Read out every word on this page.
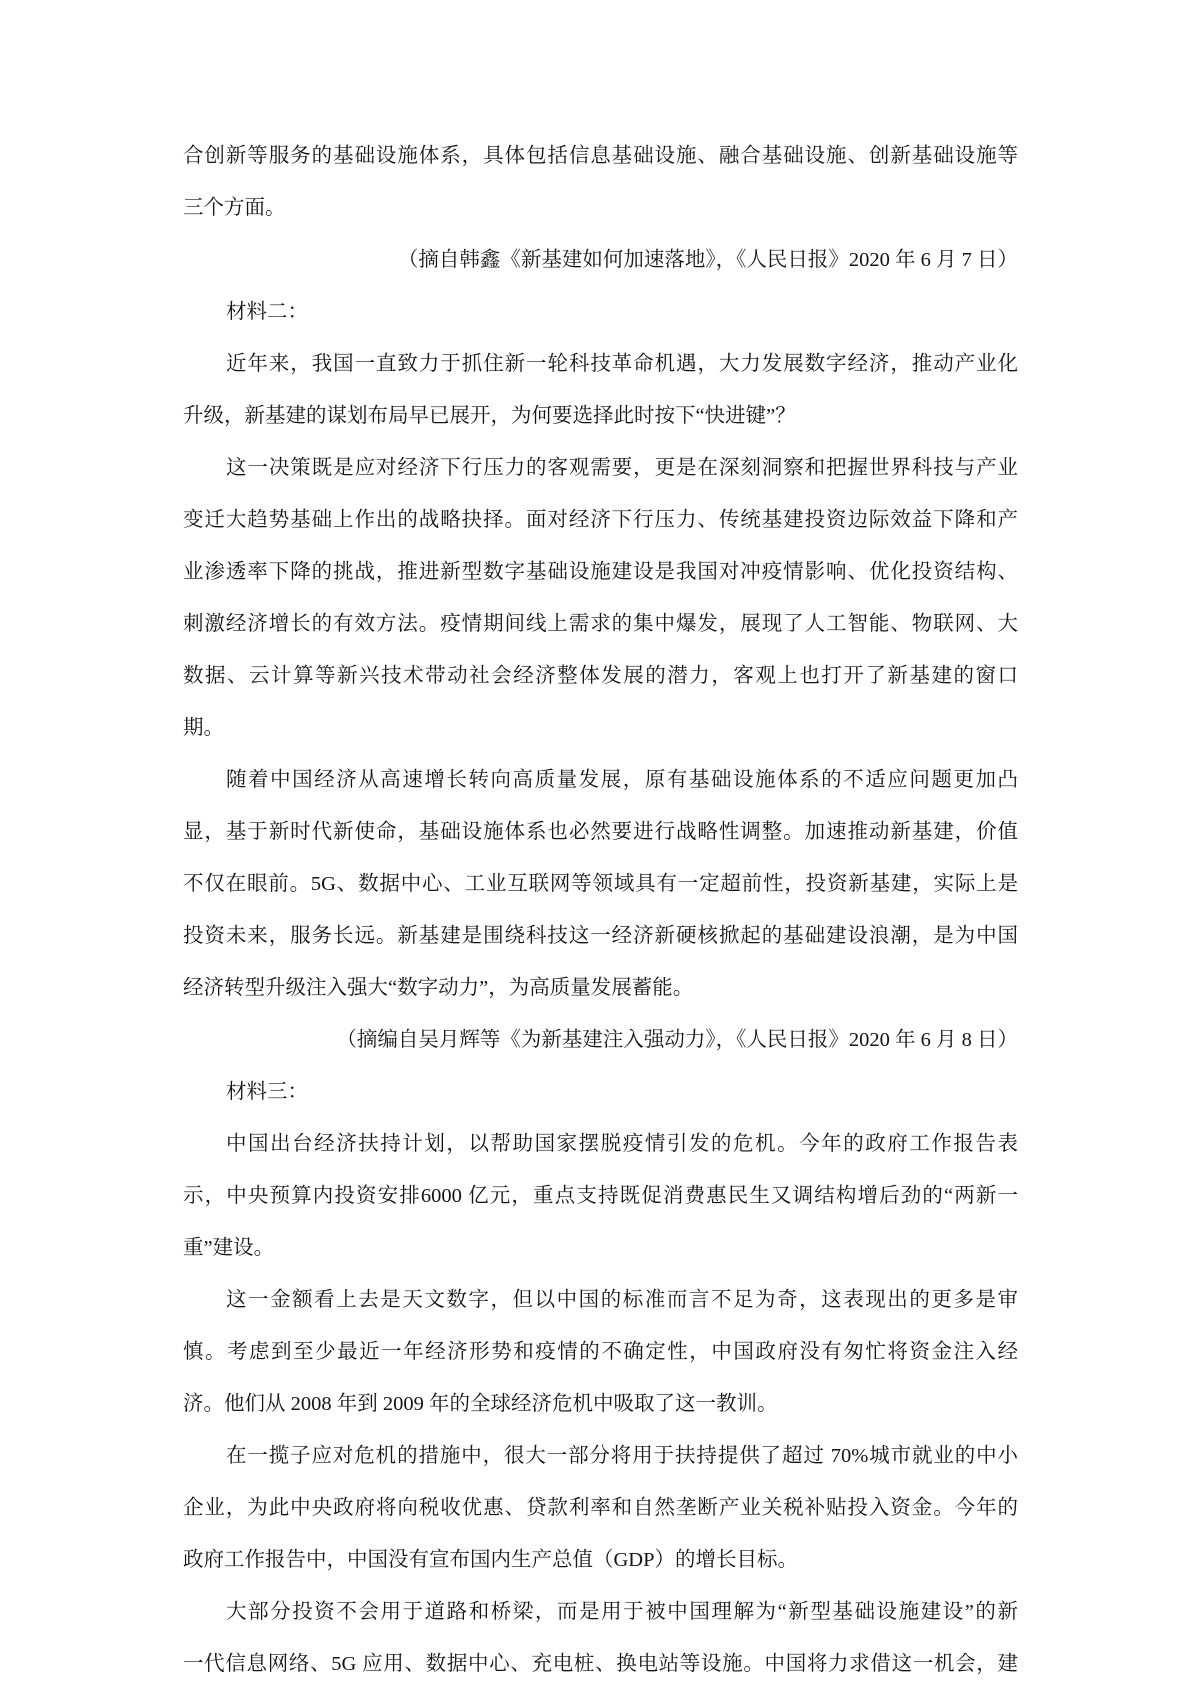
合创新等服务的基础设施体系，具体包括信息基础设施、融合基础设施、创新基础设施等
三个方面。
（摘自韩鑫《新基建如何加速落地》，《人民日报》2020 年 6 月 7 日）
材料二：
近年来，我国一直致力于抓住新一轮科技革命机遇，大力发展数字经济，推动产业化
升级，新基建的谋划布局早已展开，为何要选择此时按下“快进键”？
这一决策既是应对经济下行压力的客观需要，更是在深刻洞察和把握世界科技与产业
变迁大趋势基础上作出的战略抉择。面对经济下行压力、传统基建投资边际效益下降和产
业渗透率下降的挑战，推进新型数字基础设施建设是我国对冲疫情影响、优化投资结构、
刺激经济增长的有效方法。疫情期间线上需求的集中爆发，展现了人工智能、物联网、大
数据、云计算等新兴技术带动社会经济整体发展的潜力，客观上也打开了新基建的窗口
期。
随着中国经济从高速增长转向高质量发展，原有基础设施体系的不适应问题更加凸
显，基于新时代新使命，基础设施体系也必然要进行战略性调整。加速推动新基建，价值
不仅在眼前。5G、数据中心、工业互联网等领域具有一定超前性，投资新基建，实际上是
投资未来，服务长远。新基建是围绕科技这一经济新硬核掀起的基础建设浪潮，是为中国
经济转型升级注入强大“数字动力”，为高质量发展蓄能。
（摘编自吴月辉等《为新基建注入强动力》，《人民日报》2020 年 6 月 8 日）
材料三：
中国出台经济扶持计划，以帮助国家摆脱疫情引发的危机。今年的政府工作报告表
示，中央预算内投资安排6000 亿元，重点支持既促消费惠民生又调结构增后劲的“两新一
重”建设。
这一金额看上去是天文数字，但以中国的标准而言不足为奇，这表现出的更多是审
慎。考虑到至少最近一年经济形势和疫情的不确定性，中国政府没有匆忙将资金注入经
济。他们从 2008 年到 2009 年的全球经济危机中吸取了这一教训。
在一揽子应对危机的措施中，很大一部分将用于扶持提供了超过 70%城市就业的中小
企业，为此中央政府将向税收优惠、贷款利率和自然垄断产业关税补贴投入资金。今年的
政府工作报告中，中国没有宣布国内生产总值（GDP）的增长目标。
大部分投资不会用于道路和桥梁，而是用于被中国理解为“新型基础设施建设”的新
一代信息网络、5G 应用、数据中心、充电桩、换电站等设施。中国将力求借这一机会，建
